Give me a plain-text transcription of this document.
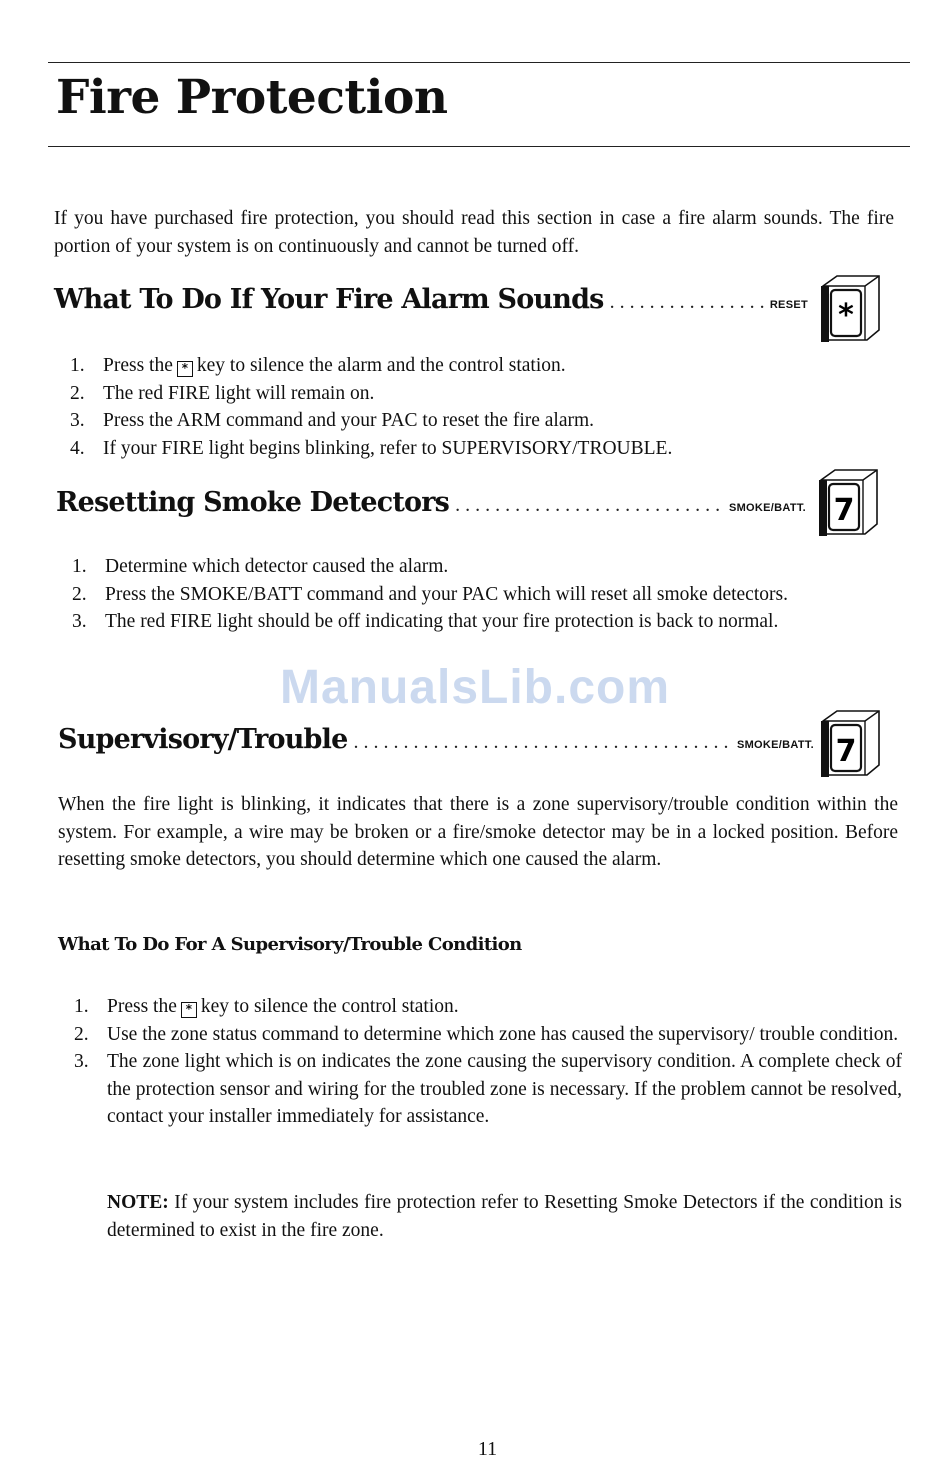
Fire Protection

If you have purchased fire protection, you should read this section in case a fire alarm sounds. The fire portion of your system is on continuously and cannot be turned off.

What To Do If Your Fire Alarm Sounds . . .	RESET *
1. Press the * key to silence the alarm and the control station.
2. The red FIRE light will remain on.
3. Press the ARM command and your PAC to reset the fire alarm.
4. If your FIRE light begins blinking, refer to SUPERVISORY/TROUBLE.
Resetting Smoke Detectors . . .	SMOKE/BATT. 7
1. Determine which detector caused the alarm.
2. Press the SMOKE/BATT command and your PAC which will reset all smoke detectors.
3. The red FIRE light should be off indicating that your fire protection is back to normal.
ManualsLib.com
Supervisory/Trouble . . .	SMOKE/BATT. 7

When the fire light is blinking, it indicates that there is a zone supervisory/trouble condition within the system. For example, a wire may be broken or a fire/smoke detector may be in a locked position. Before resetting smoke detectors, you should determine which one caused the alarm.

What To Do For A Supervisory/Trouble Condition
1. Press the * key to silence the control station.
2. Use the zone status command to determine which zone has caused the supervisory/ trouble condition.
3. The zone light which is on indicates the zone causing the supervisory condition. A complete check of the protection sensor and wiring for the troubled zone is necessary. If the problem cannot be resolved, contact your installer immediately for assistance.

NOTE: If your system includes fire protection refer to Resetting Smoke Detectors if the condition is determined to exist in the fire zone.

11
